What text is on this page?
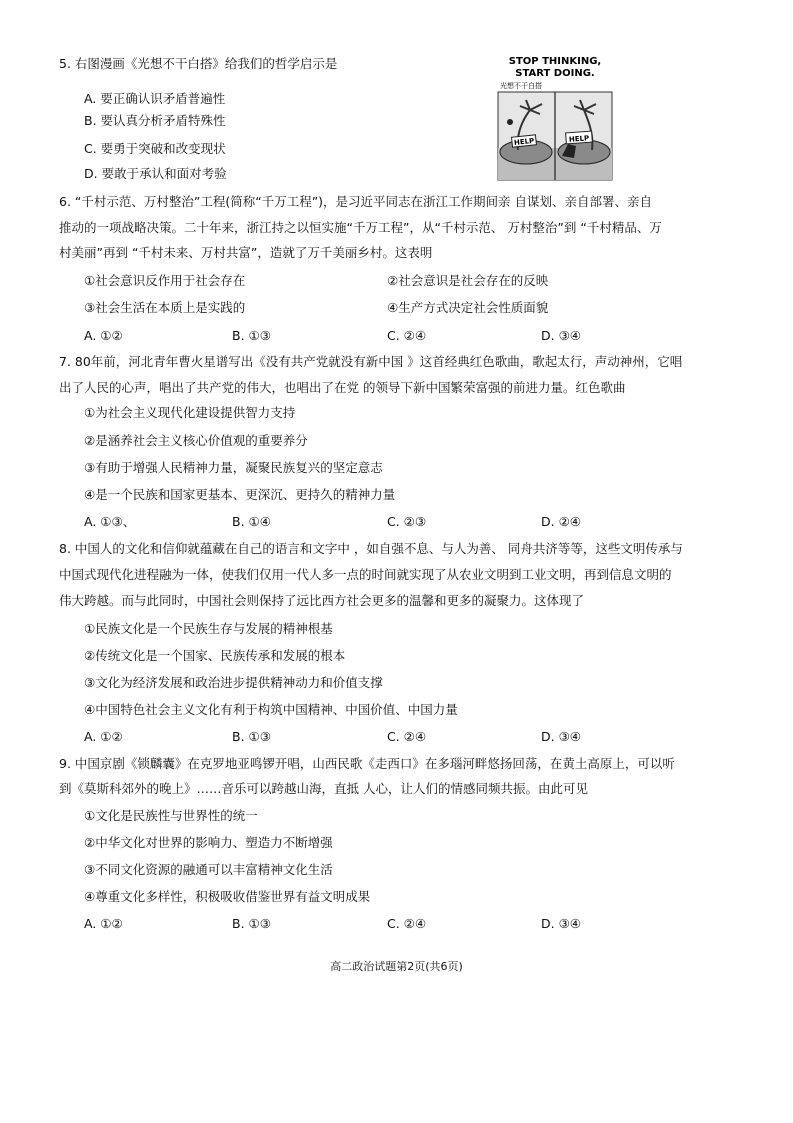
5. 右图漫画《光想不干白搭》给我们的哲学启示是
A. 要正确认识矛盾普遍性
B. 要认真分析矛盾特殊性
C. 要勇于突破和改变现状
D. 要敢于承认和面对考验
STOP THINKING,
START DOING.
光想不干白搭
HELP	HELP
6. “千村示范、万村整治”工程(简称“千万工程”)，是习近平同志在浙江工作期间亲 自谋划、亲自部署、亲自
推动的一项战略决策。二十年来，浙江持之以恒实施“千万工程”，从“千村示范、 万村整治”到 “千村精品、万
村美丽”再到 “千村未来、万村共富”，造就了万千美丽乡村。这表明
①社会意识反作用于社会存在	②社会意识是社会存在的反映
③社会生活在本质上是实践的	④生产方式决定社会性质面貌
A. ①②	B. ①③	C. ②④	D. ③④
7. 80年前，河北青年曹火星谱写出《没有共产党就没有新中国 》这首经典红色歌曲，歌起太行，声动神州，它唱
出了人民的心声，唱出了共产党的伟大，也唱出了在党 的领导下新中国繁荣富强的前进力量。红色歌曲
①为社会主义现代化建设提供智力支持
②是涵养社会主义核心价值观的重要养分
③有助于增强人民精神力量，凝聚民族复兴的坚定意志
④是一个民族和国家更基本、更深沉、更持久的精神力量
A. ①③、	B. ①④	C. ②③	D. ②④
8. 中国人的文化和信仰就蕴藏在自己的语言和文字中 ，如自强不息、与人为善、 同舟共济等等，这些文明传承与
中国式现代化进程融为一体，使我们仅用一代人多一点的时间就实现了从农业文明到工业文明，再到信息文明的
伟大跨越。而与此同时，中国社会则保持了远比西方社会更多的温馨和更多的凝聚力。这体现了
①民族文化是一个民族生存与发展的精神根基
②传统文化是一个国家、民族传承和发展的根本
③文化为经济发展和政治进步提供精神动力和价值支撑
④中国特色社会主义文化有利于构筑中国精神、中国价值、中国力量
A. ①②	B. ①③	C. ②④	D. ③④
9. 中国京剧《锁麟囊》在克罗地亚鸣锣开唱，山西民歌《走西口》在多瑙河畔悠扬回荡，在黄土高原上，可以听
到《莫斯科郊外的晚上》……音乐可以跨越山海，直抵 人心，让人们的情感同频共振。由此可见
①文化是民族性与世界性的统一
②中华文化对世界的影响力、塑造力不断增强
③不同文化资源的融通可以丰富精神文化生活
④尊重文化多样性，积极吸收借鉴世界有益文明成果
A. ①②	B. ①③	C. ②④	D. ③④
高二政治试题第2页(共6页)
